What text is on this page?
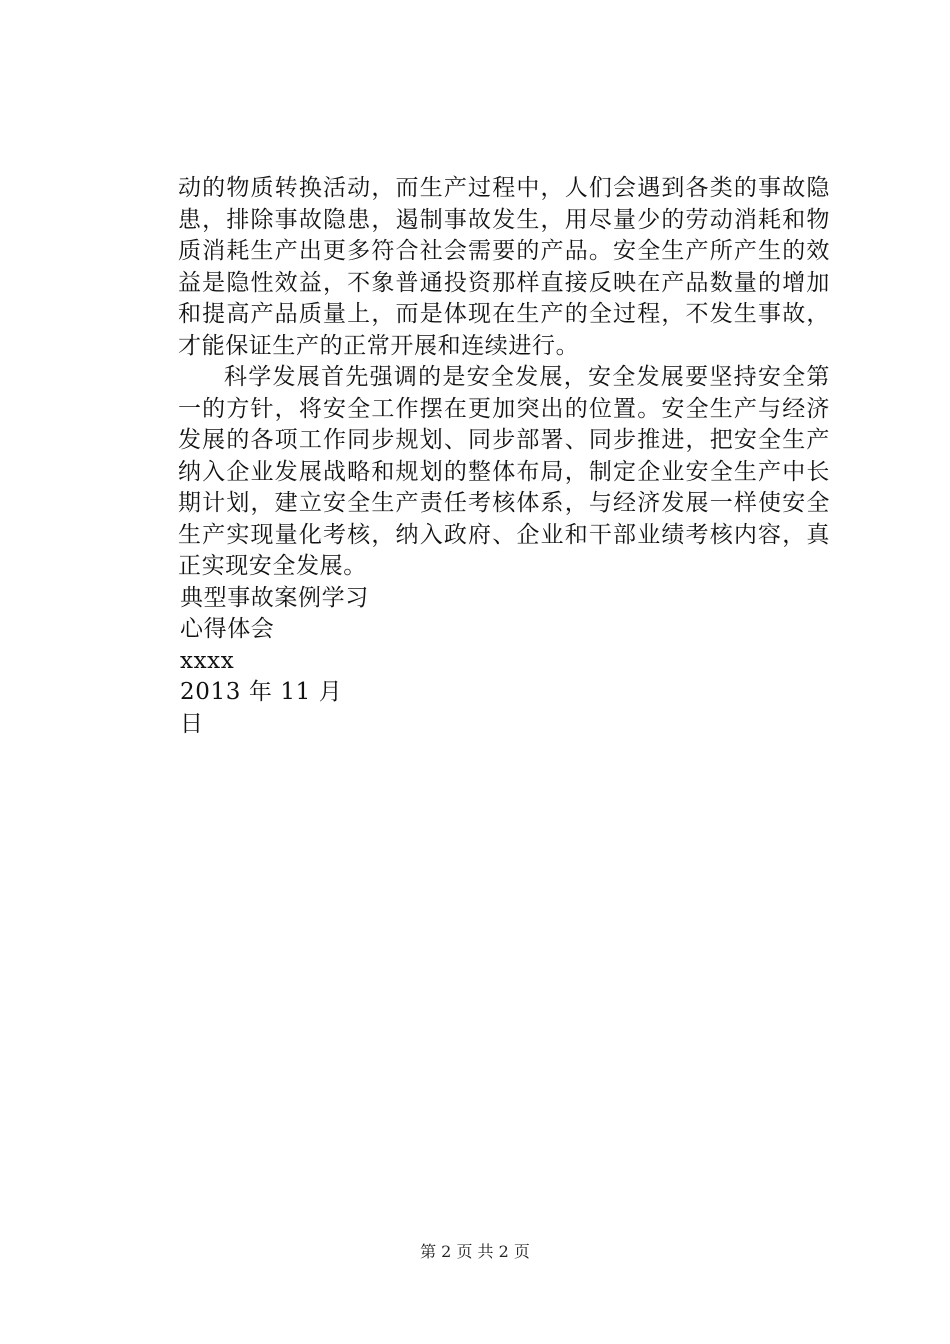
动的物质转换活动，而生产过程中，人们会遇到各类的事故隐患，排除事故隐患，遏制事故发生，用尽量少的劳动消耗和物质消耗生产出更多符合社会需要的产品。安全生产所产生的效益是隐性效益，不象普通投资那样直接反映在产品数量的增加和提高产品质量上，而是体现在生产的全过程，不发生事故，才能保证生产的正常开展和连续进行。

科学发展首先强调的是安全发展，安全发展要坚持安全第一的方针，将安全工作摆在更加突出的位置。安全生产与经济发展的各项工作同步规划、同步部署、同步推进，把安全生产纳入企业发展战略和规划的整体布局，制定企业安全生产中长期计划，建立安全生产责任考核体系，与经济发展一样使安全生产实现量化考核，纳入政府、企业和干部业绩考核内容，真正实现安全发展。

典型事故案例学习

心得体会

xxxx

2013 年 11 月

日

第 2 页 共 2 页
